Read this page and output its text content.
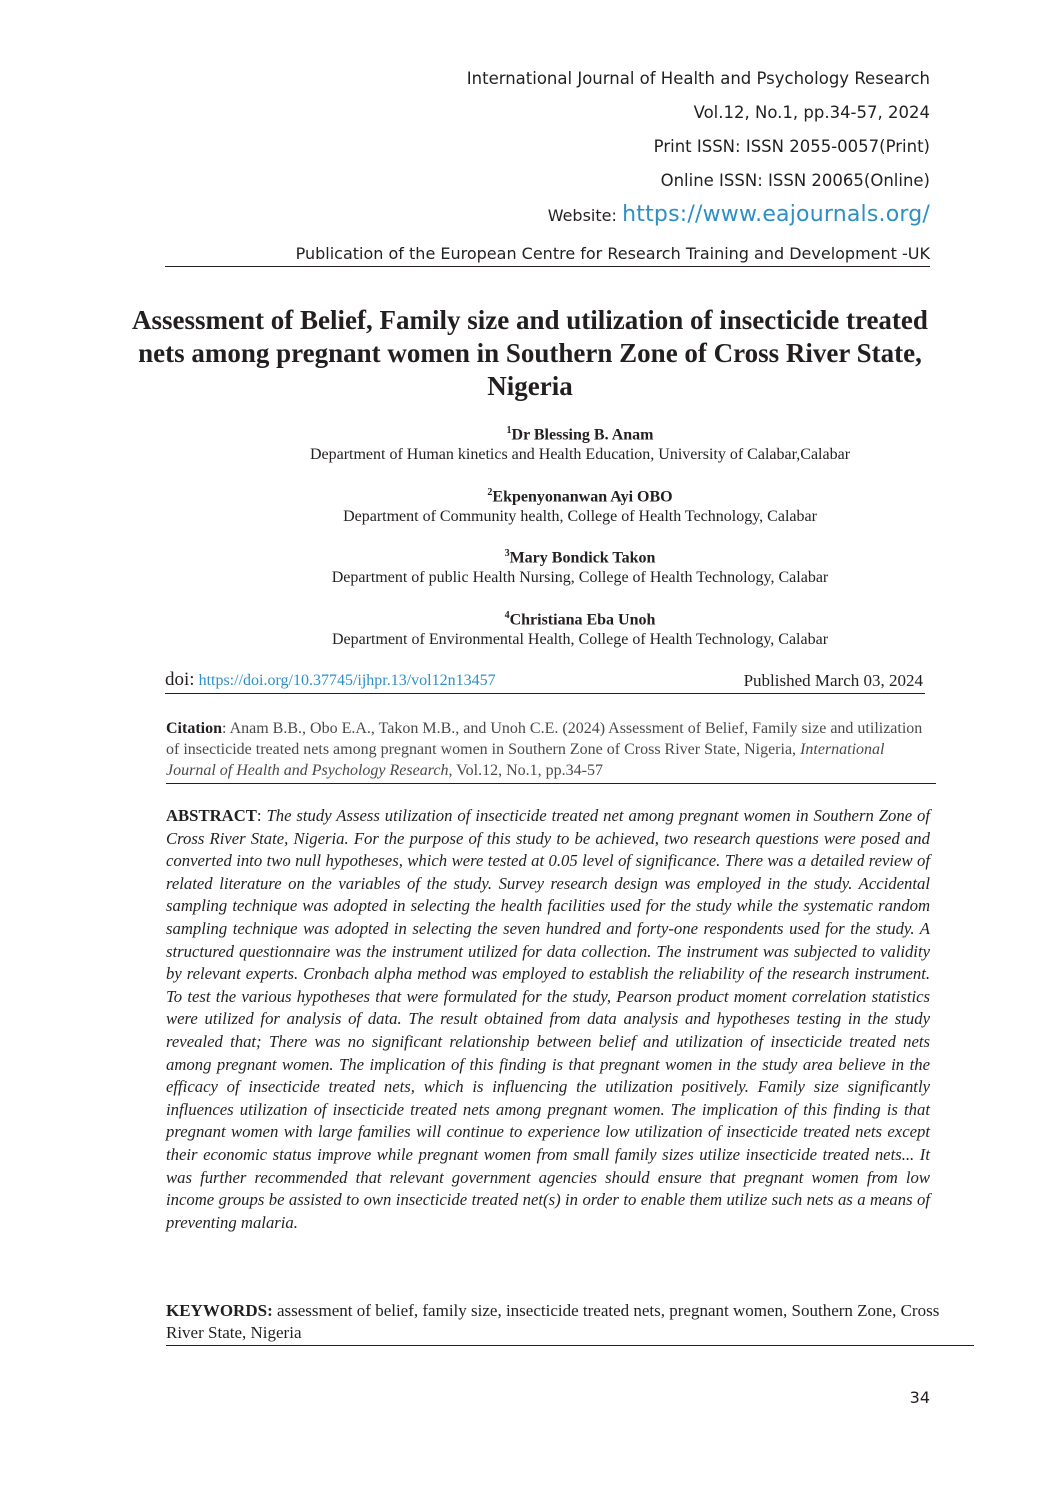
International Journal of Health and Psychology Research
Vol.12, No.1, pp.34-57, 2024
Print ISSN: ISSN 2055-0057(Print)
Online ISSN: ISSN 20065(Online)
Website: https://www.eajournals.org/
Publication of the European Centre for Research Training and Development -UK
Assessment of Belief, Family size and utilization of insecticide treated nets among pregnant women in Southern Zone of Cross River State, Nigeria
$^1$Dr Blessing B. Anam
Department of Human kinetics and Health Education, University of Calabar,Calabar
$^2$Ekpenyonanwan Ayi OBO
Department of Community health, College of Health Technology, Calabar
$^3$Mary Bondick Takon
Department of public Health Nursing, College of Health Technology, Calabar
$^4$Christiana Eba Unoh
Department of Environmental Health, College of Health Technology, Calabar
doi: https://doi.org/10.37745/ijhpr.13/vol12n13457	Published March 03, 2024
Citation: Anam B.B., Obo E.A., Takon M.B., and Unoh C.E. (2024) Assessment of Belief, Family size and utilization of insecticide treated nets among pregnant women in Southern Zone of Cross River State, Nigeria, International Journal of Health and Psychology Research, Vol.12, No.1, pp.34-57
ABSTRACT: The study Assess utilization of insecticide treated net among pregnant women in Southern Zone of Cross River State, Nigeria. For the purpose of this study to be achieved, two research questions were posed and converted into two null hypotheses, which were tested at 0.05 level of significance. There was a detailed review of related literature on the variables of the study. Survey research design was employed in the study. Accidental sampling technique was adopted in selecting the health facilities used for the study while the systematic random sampling technique was adopted in selecting the seven hundred and forty-one respondents used for the study. A structured questionnaire was the instrument utilized for data collection. The instrument was subjected to validity by relevant experts. Cronbach alpha method was employed to establish the reliability of the research instrument. To test the various hypotheses that were formulated for the study, Pearson product moment correlation statistics were utilized for analysis of data. The result obtained from data analysis and hypotheses testing in the study revealed that; There was no significant relationship between belief and utilization of insecticide treated nets among pregnant women. The implication of this finding is that pregnant women in the study area believe in the efficacy of insecticide treated nets, which is influencing the utilization positively. Family size significantly influences utilization of insecticide treated nets among pregnant women. The implication of this finding is that pregnant women with large families will continue to experience low utilization of insecticide treated nets except their economic status improve while pregnant women from small family sizes utilize insecticide treated nets... It was further recommended that relevant government agencies should ensure that pregnant women from low income groups be assisted to own insecticide treated net(s) in order to enable them utilize such nets as a means of preventing malaria.
KEYWORDS: assessment of belief, family size, insecticide treated nets, pregnant women, Southern Zone, Cross River State, Nigeria
34
